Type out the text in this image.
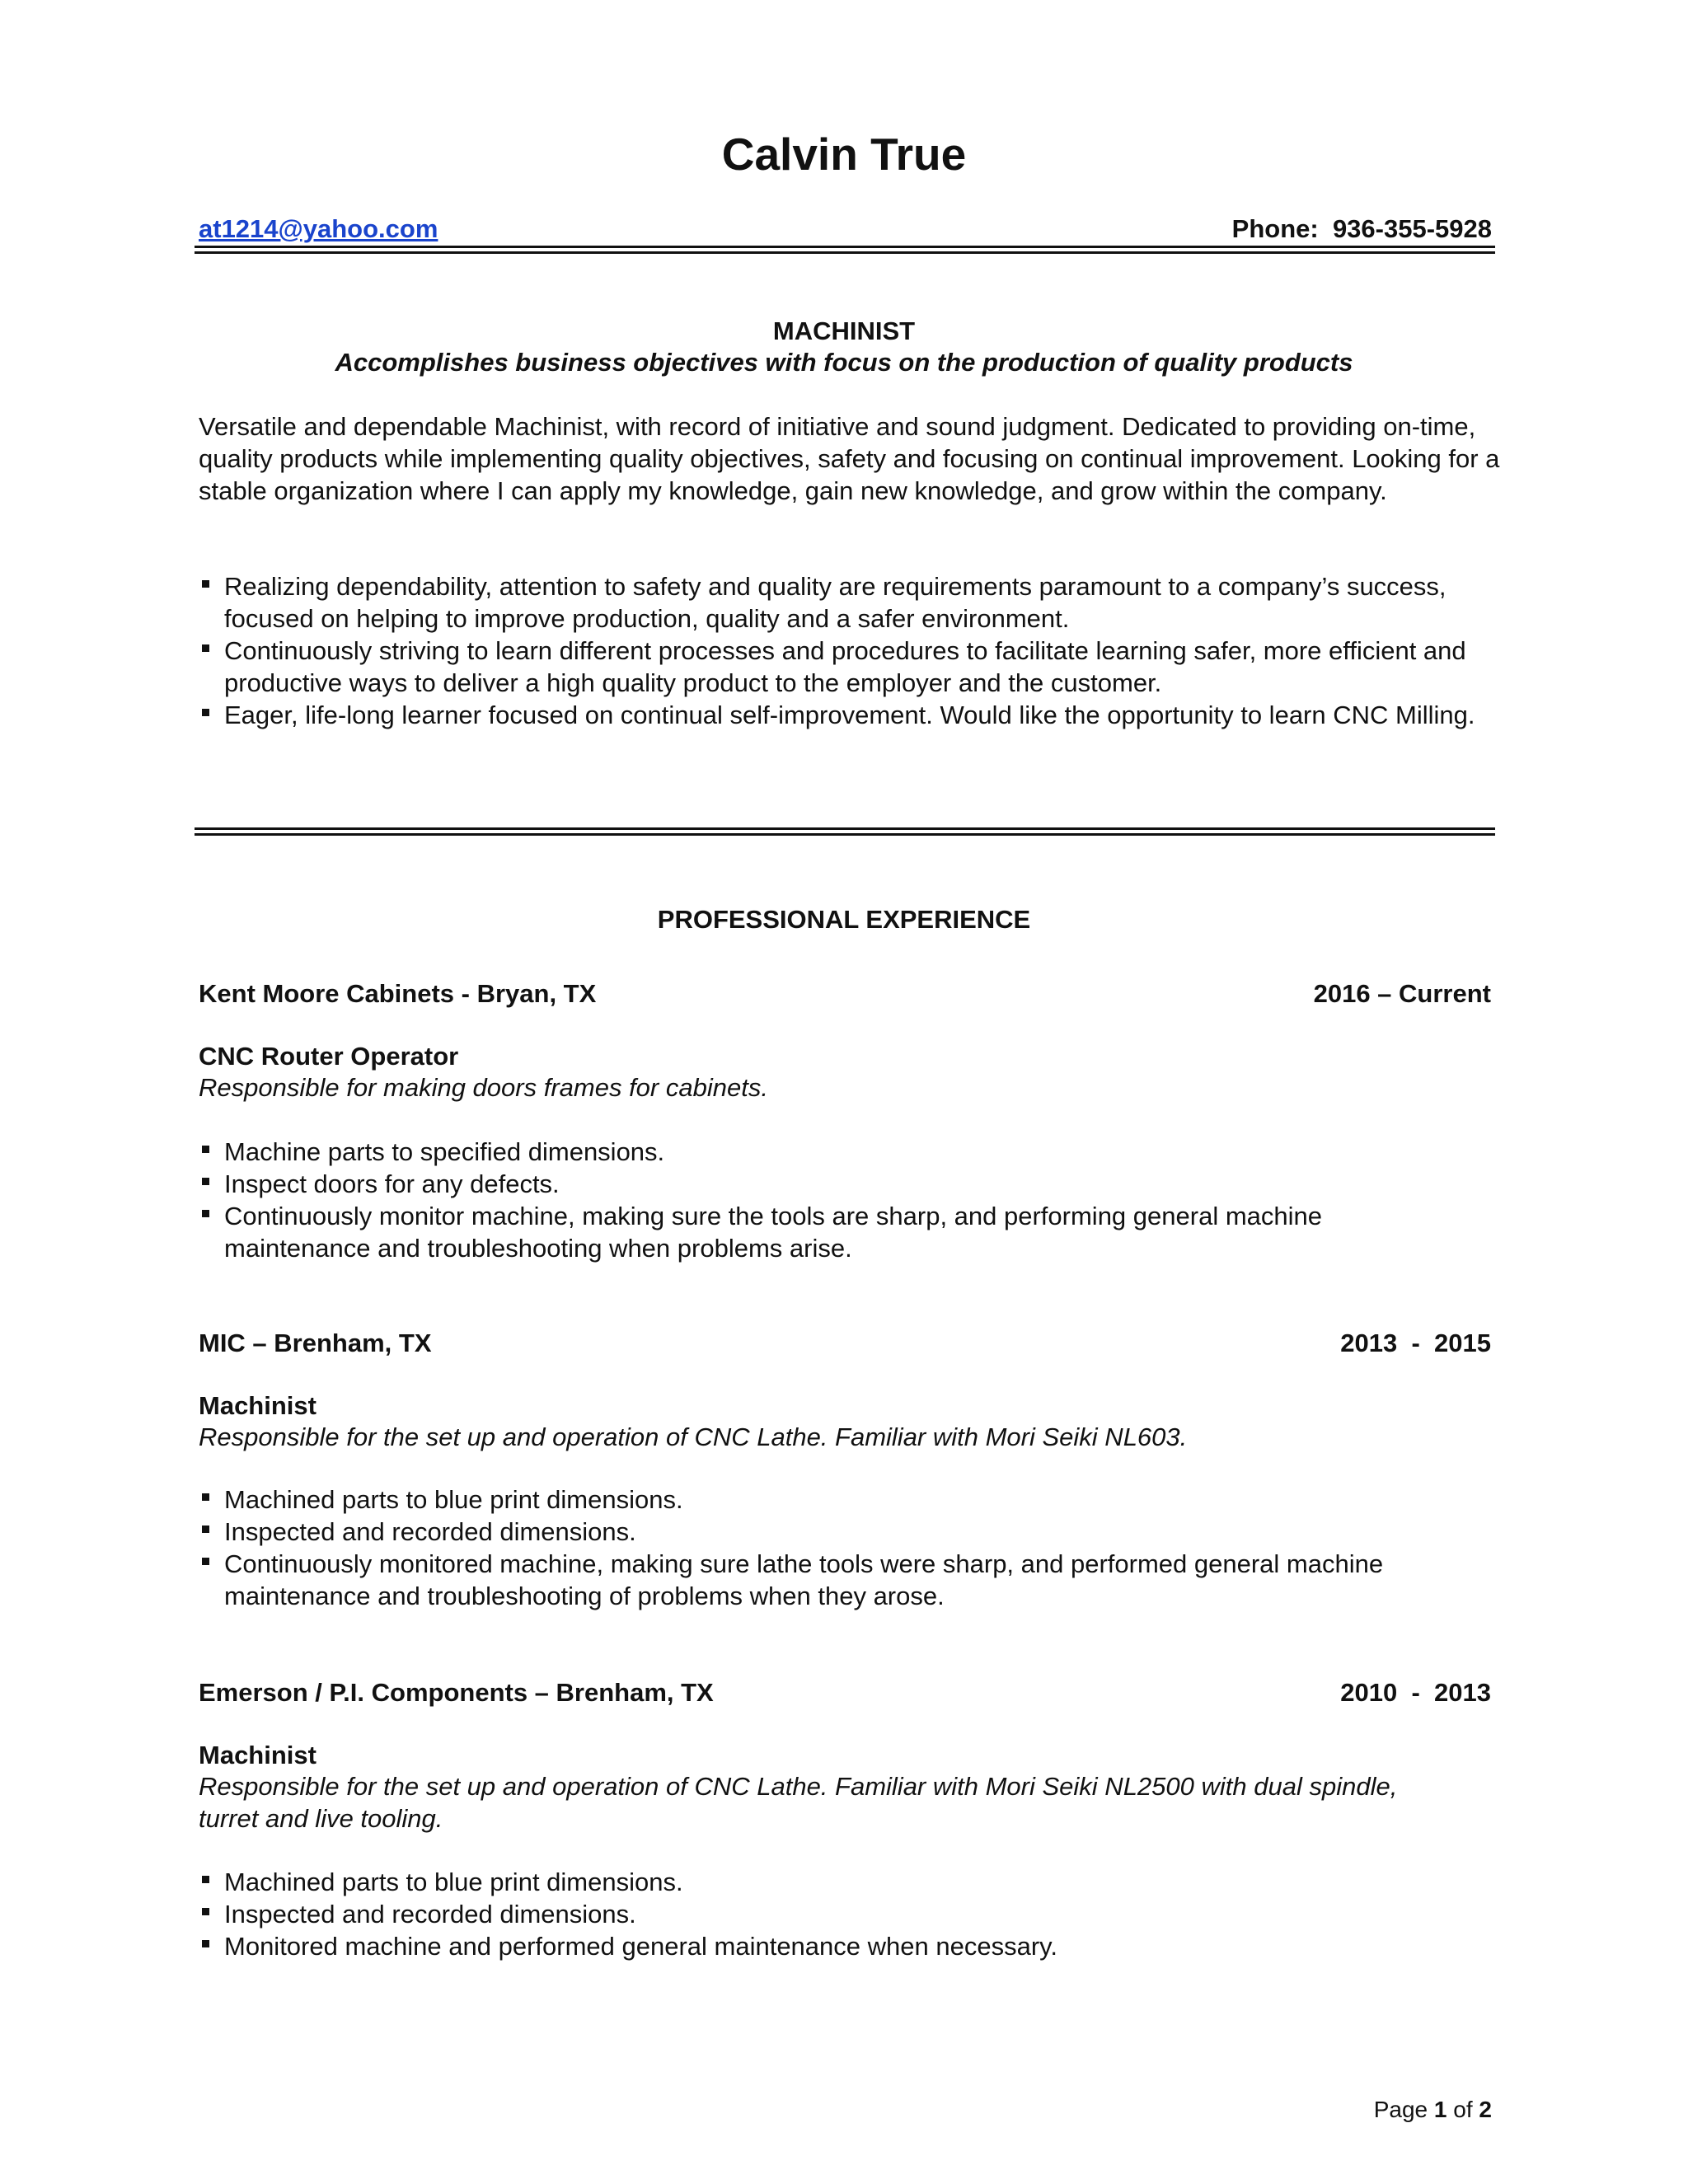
Calvin True
at1214@yahoo.com	Phone:  936-355-5928
MACHINIST
Accomplishes business objectives with focus on the production of quality products

Versatile and dependable Machinist, with record of initiative and sound judgment. Dedicated to providing on-time, quality products while implementing quality objectives, safety and focusing on continual improvement. Looking for a stable organization where I can apply my knowledge, gain new knowledge, and grow within the company.

Realizing dependability, attention to safety and quality are requirements paramount to a company’s success, focused on helping to improve production, quality and a safer environment.
Continuously striving to learn different processes and procedures to facilitate learning safer, more efficient and productive ways to deliver a high quality product to the employer and the customer.
Eager, life-long learner focused on continual self-improvement. Would like the opportunity to learn CNC Milling.
PROFESSIONAL EXPERIENCE
Kent Moore Cabinets - Bryan, TX	2016 – Current
CNC Router Operator
Responsible for making doors frames for cabinets.
Machine parts to specified dimensions.
Inspect doors for any defects.
Continuously monitor machine, making sure the tools are sharp, and performing general machine maintenance and troubleshooting when problems arise.
MIC – Brenham, TX	2013  -  2015
Machinist
Responsible for the set up and operation of CNC Lathe. Familiar with Mori Seiki NL603.
Machined parts to blue print dimensions.
Inspected and recorded dimensions.
Continuously monitored machine, making sure lathe tools were sharp, and performed general machine maintenance and troubleshooting of problems when they arose.
Emerson / P.I. Components – Brenham, TX	2010  -  2013
Machinist
Responsible for the set up and operation of CNC Lathe. Familiar with Mori Seiki NL2500 with dual spindle, turret and live tooling.
Machined parts to blue print dimensions.
Inspected and recorded dimensions.
Monitored machine and performed general maintenance when necessary.
Page 1 of 2
